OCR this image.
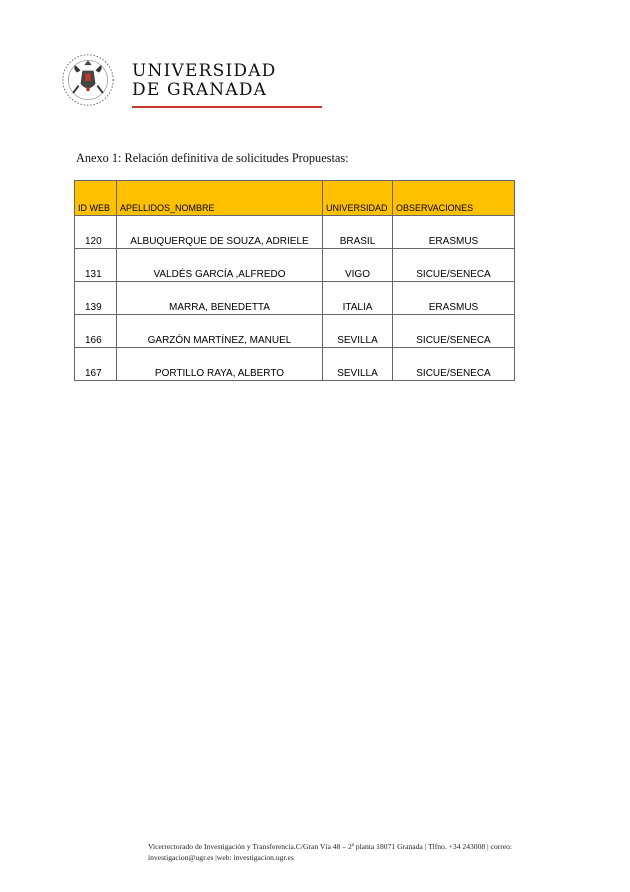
UNIVERSIDAD
DE GRANADA
Anexo 1: Relación definitiva de solicitudes Propuestas:
ID WEB	APELLIDOS_NOMBRE	UNIVERSIDAD	OBSERVACIONES
120	ALBUQUERQUE DE SOUZA, ADRIELE	BRASIL	ERASMUS
131	VALDÉS GARCÍA ,ALFREDO	VIGO	SICUE/SENECA
139	MARRA, BENEDETTA	ITALIA	ERASMUS
166	GARZÓN MARTÍNEZ, MANUEL	SEVILLA	SICUE/SENECA
167	PORTILLO RAYA, ALBERTO	SEVILLA	SICUE/SENECA
Vicerrectorado de Investigación y Transferencia.C/Gran Vía 48 – 2ª planta 18071 Granada | Tlfno. +34 243008 | correo:
investigacion@ugr.es |web: investigacion.ugr.es
